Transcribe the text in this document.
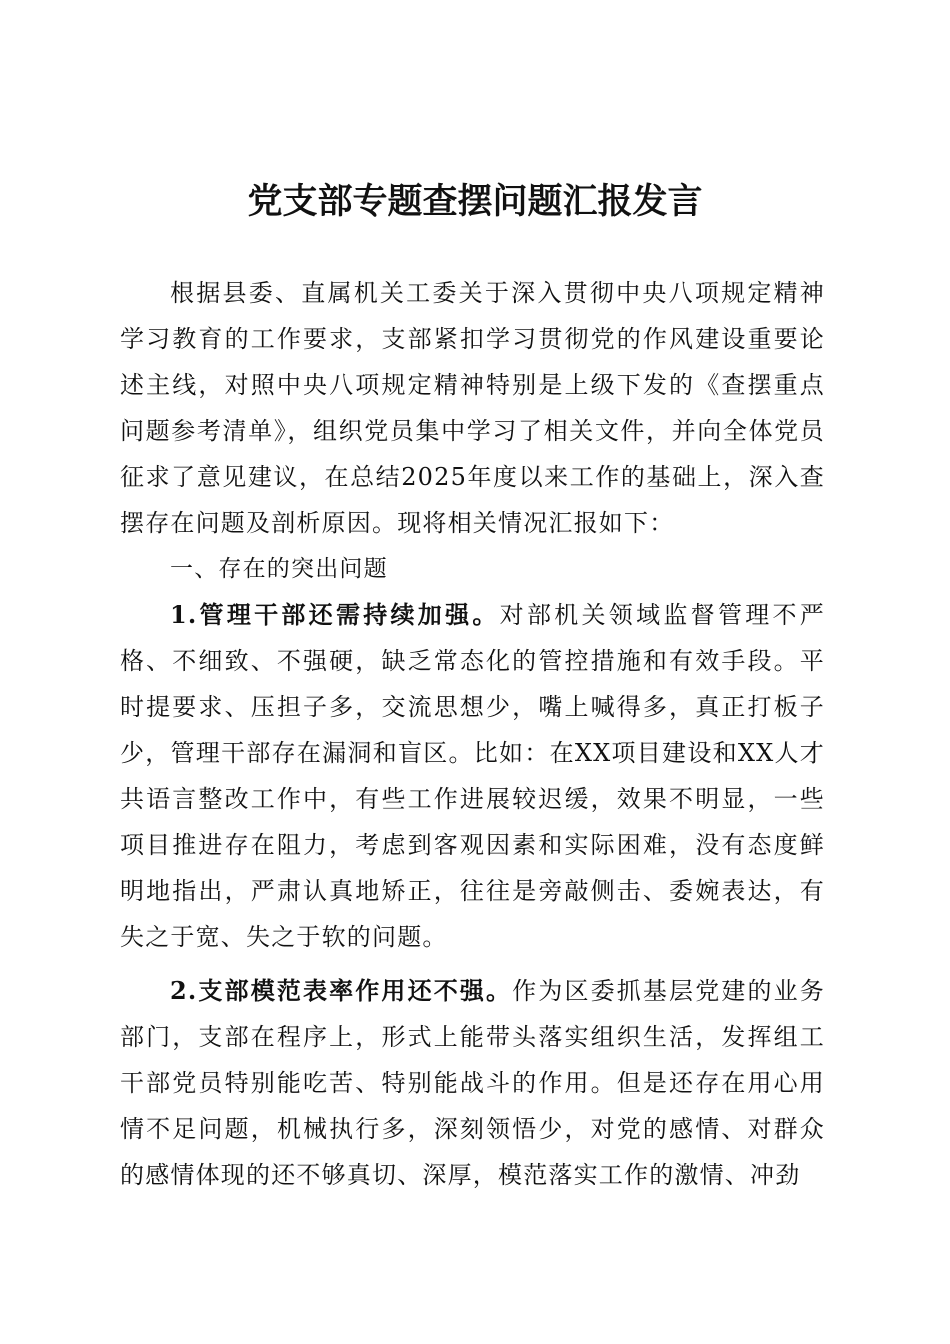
党支部专题查摆问题汇报发言

根据县委、直属机关工委关于深入贯彻中央八项规定精神学习教育的工作要求，支部紧扣学习贯彻党的作风建设重要论述主线，对照中央八项规定精神特别是上级下发的《查摆重点问题参考清单》，组织党员集中学习了相关文件，并向全体党员征求了意见建议，在总结2025年度以来工作的基础上，深入查摆存在问题及剖析原因。现将相关情况汇报如下：

一、存在的突出问题

1.管理干部还需持续加强。对部机关领域监督管理不严格、不细致、不强硬，缺乏常态化的管控措施和有效手段。平时提要求、压担子多，交流思想少，嘴上喊得多，真正打板子少，管理干部存在漏洞和盲区。比如：在XX项目建设和XX人才共语言整改工作中，有些工作进展较迟缓，效果不明显，一些项目推进存在阻力，考虑到客观因素和实际困难，没有态度鲜明地指出，严肃认真地矫正，往往是旁敲侧击、委婉表达，有失之于宽、失之于软的问题。

2.支部模范表率作用还不强。作为区委抓基层党建的业务部门，支部在程序上，形式上能带头落实组织生活，发挥组工干部党员特别能吃苦、特别能战斗的作用。但是还存在用心用情不足问题，机械执行多，深刻领悟少，对党的感情、对群众的感情体现的还不够真切、深厚，模范落实工作的激情、冲劲
